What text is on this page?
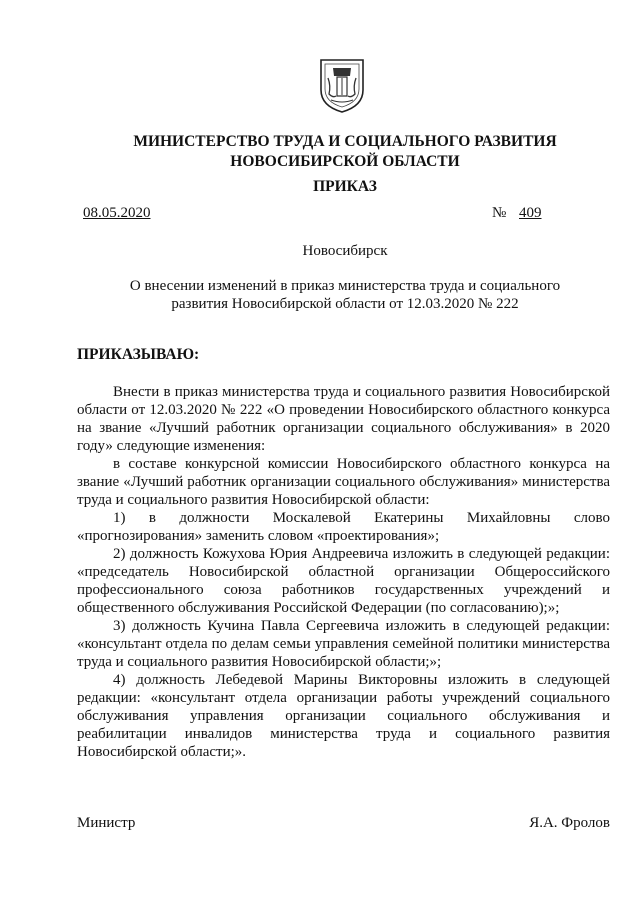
МИНИСТЕРСТВО ТРУДА И СОЦИАЛЬНОГО РАЗВИТИЯ
НОВОСИБИРСКОЙ ОБЛАСТИ
ПРИКАЗ
08.05.2020	№ 409
Новосибирск
О внесении изменений в приказ министерства труда и социального
развития Новосибирской области от 12.03.2020 № 222
ПРИКАЗЫВАЮ:

Внести в приказ министерства труда и социального развития Новосибирской области от 12.03.2020 № 222 «О проведении Новосибирского областного конкурса на звание «Лучший работник организации социального обслуживания» в 2020 году» следующие изменения:

в составе конкурсной комиссии Новосибирского областного конкурса на звание «Лучший работник организации социального обслуживания» министерства труда и социального развития Новосибирской области:

1) в должности Москалевой Екатерины Михайловны слово «прогнозирования» заменить словом «проектирования»;

2) должность Кожухова Юрия Андреевича изложить в следующей редакции: «председатель Новосибирской областной организации Общероссийского профессионального союза работников государственных учреждений и общественного обслуживания Российской Федерации (по согласованию);»;

3) должность Кучина Павла Сергеевича изложить в следующей редакции: «консультант отдела по делам семьи управления семейной политики министерства труда и социального развития Новосибирской области;»;

4) должность Лебедевой Марины Викторовны изложить в следующей редакции: «консультант отдела организации работы учреждений социального обслуживания управления организации социального обслуживания и реабилитации инвалидов министерства труда и социального развития Новосибирской области;».

Министр	Я.А. Фролов
